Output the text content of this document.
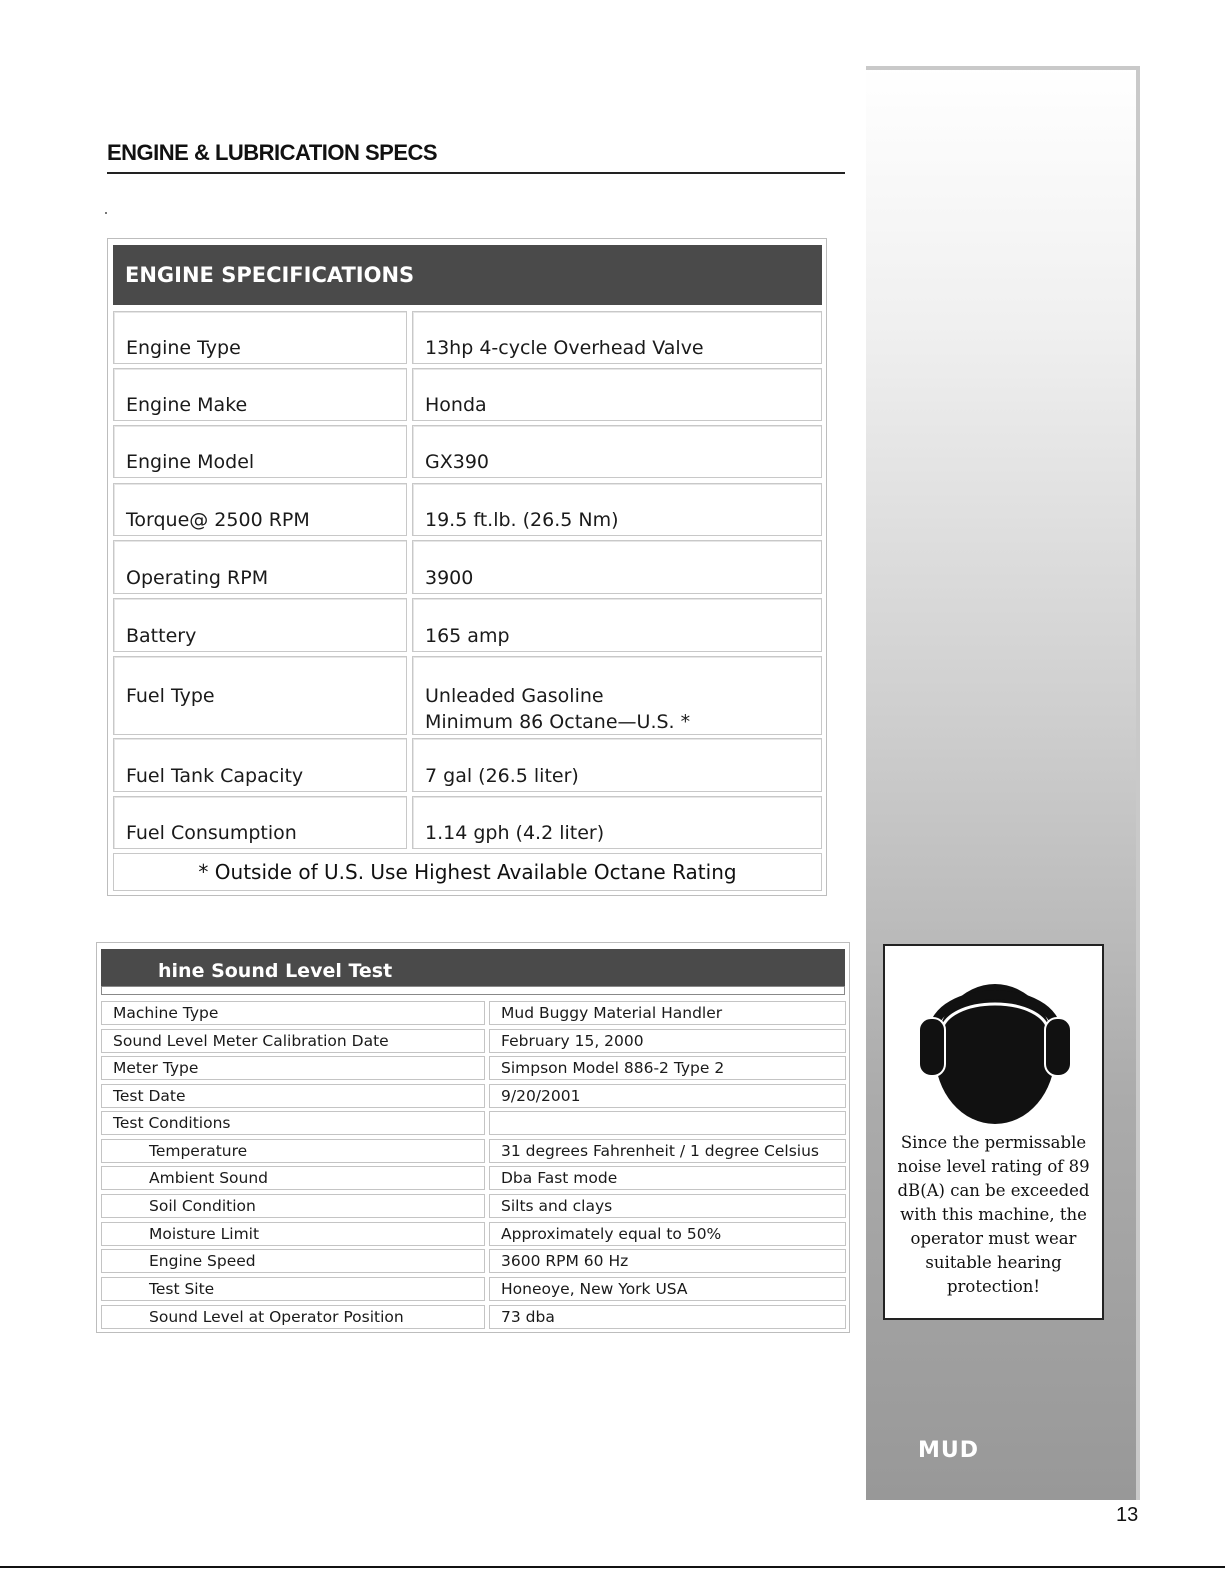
ENGINE & LUBRICATION SPECS
ENGINE SPECIFICATIONS
Engine Type	13hp 4-cycle Overhead Valve
Engine Make	Honda
Engine Model	GX390
Torque@ 2500 RPM	19.5 ft.lb. (26.5 Nm)
Operating RPM	3900
Battery	165 amp
Fuel Type	Unleaded Gasoline
Minimum 86 Octane—U.S. *
Fuel Tank Capacity	7 gal (26.5 liter)
Fuel Consumption	1.14 gph (4.2 liter)
* Outside of U.S. Use Highest Available Octane Rating
hine Sound Level Test
Machine Type	Mud Buggy Material Handler
Sound Level Meter Calibration Date	February 15, 2000
Meter Type	Simpson Model 886-2 Type 2
Test Date	9/20/2001
Test Conditions
Temperature	31 degrees Fahrenheit / 1 degree Celsius
Ambient Sound	Dba Fast mode
Soil Condition	Silts and clays
Moisture Limit	Approximately equal to 50%
Engine Speed	3600 RPM 60 Hz
Test Site	Honeoye, New York USA
Sound Level at Operator Position	73 dba
Since the permissable noise level rating of 89 dB(A) can be exceeded with this machine, the operator must wear suitable hearing protection!
MUD
13
